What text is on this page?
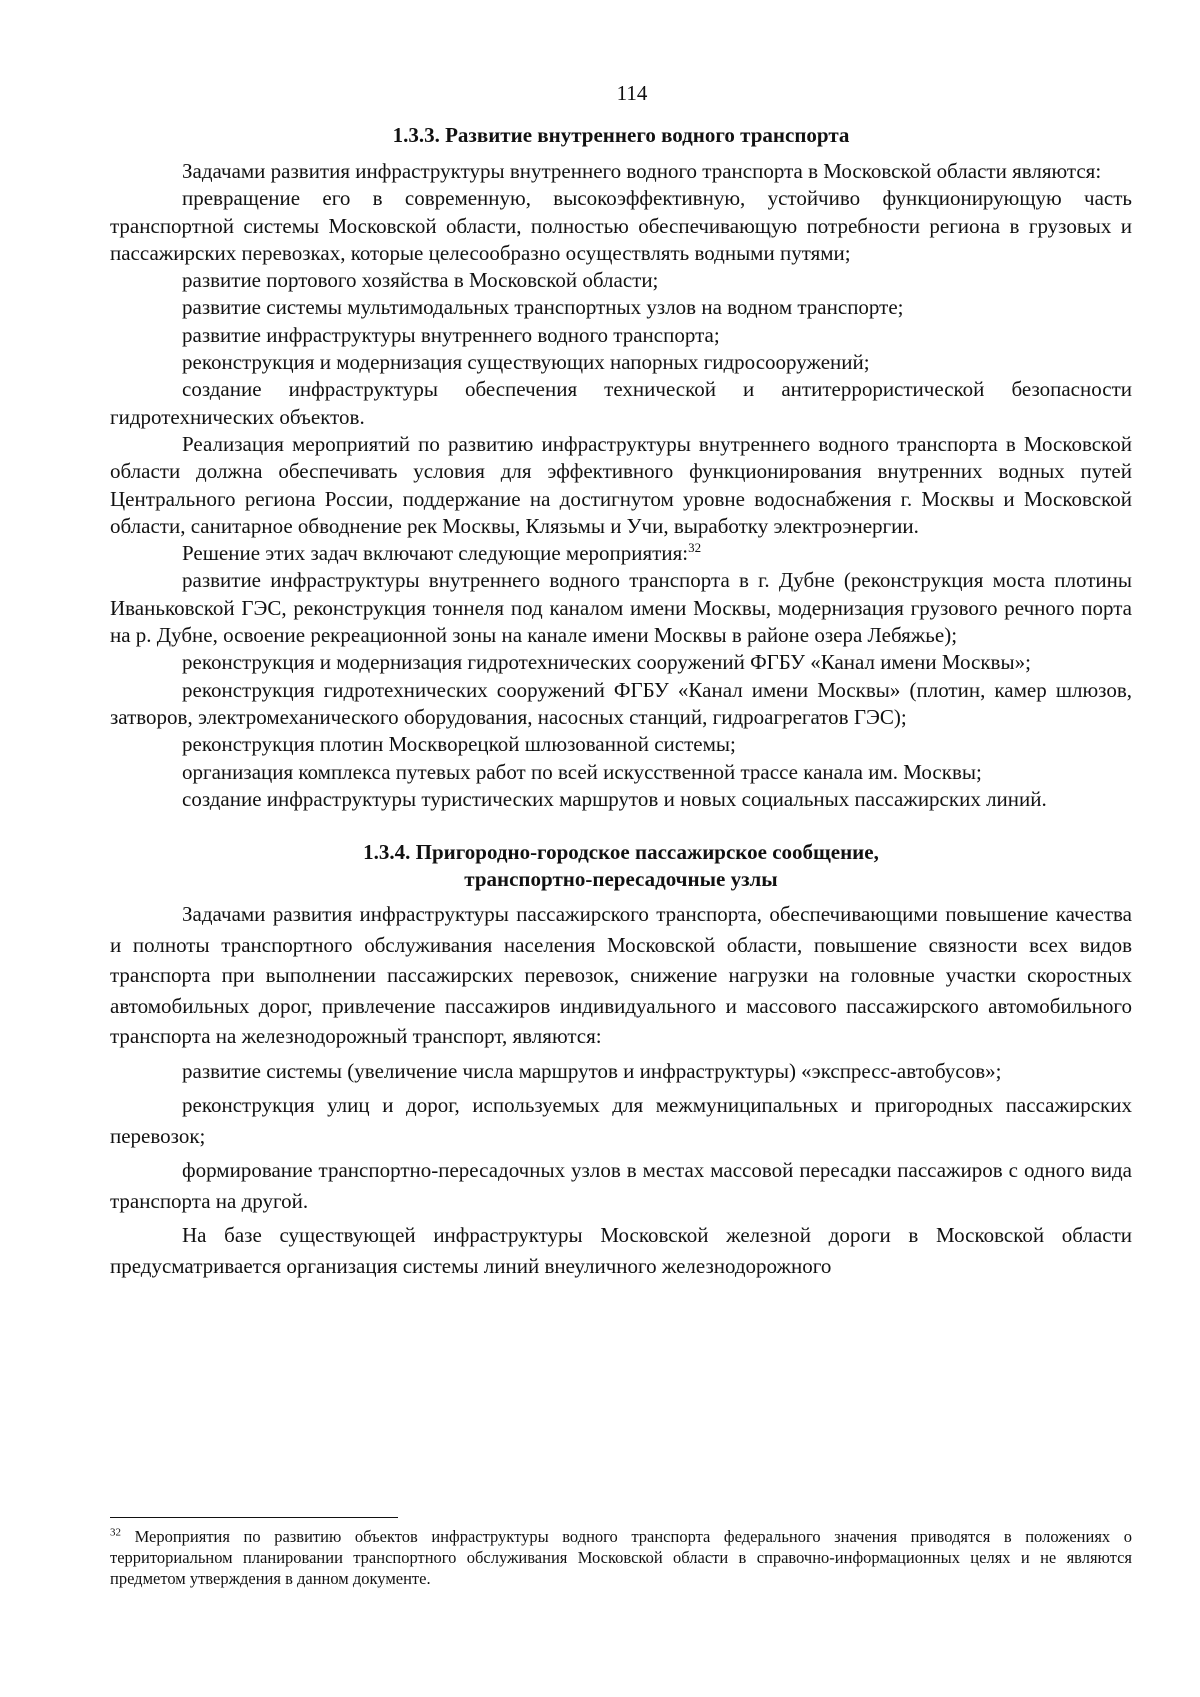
114
1.3.3. Развитие внутреннего водного транспорта

Задачами развития инфраструктуры внутреннего водного транспорта в Московской области являются:

превращение его в современную, высокоэффективную, устойчиво функционирующую часть транспортной системы Московской области, полностью обеспечивающую потребности региона в грузовых и пассажирских перевозках, которые целесообразно осуществлять водными путями;

развитие портового хозяйства в Московской области;

развитие системы мультимодальных транспортных узлов на водном транспорте;

развитие инфраструктуры внутреннего водного транспорта;

реконструкция и модернизация существующих напорных гидросооружений;

создание инфраструктуры обеспечения технической и антитеррористической безопасности гидротехнических объектов.

Реализация мероприятий по развитию инфраструктуры внутреннего водного транспорта в Московской области должна обеспечивать условия для эффективного функционирования внутренних водных путей Центрального региона России, поддержание на достигнутом уровне водоснабжения г. Москвы и Московской области, санитарное обводнение рек Москвы, Клязьмы и Учи, выработку электроэнергии.

Решение этих задач включают следующие мероприятия:$^{32}$

развитие инфраструктуры внутреннего водного транспорта в г. Дубне (реконструкция моста плотины Иваньковской ГЭС, реконструкция тоннеля под каналом имени Москвы, модернизация грузового речного порта на р. Дубне, освоение рекреационной зоны на канале имени Москвы в районе озера Лебяжье);

реконструкция и модернизация гидротехнических сооружений ФГБУ «Канал имени Москвы»;

реконструкция гидротехнических сооружений ФГБУ «Канал имени Москвы» (плотин, камер шлюзов, затворов, электромеханического оборудования, насосных станций, гидроагрегатов ГЭС);

реконструкция плотин Москворецкой шлюзованной системы;

организация комплекса путевых работ по всей искусственной трассе канала им. Москвы;

создание инфраструктуры туристических маршрутов и новых социальных пассажирских линий.

1.3.4. Пригородно-городское пассажирское сообщение,
транспортно-пересадочные узлы

Задачами развития инфраструктуры пассажирского транспорта, обеспечивающими повышение качества и полноты транспортного обслуживания населения Московской области, повышение связности всех видов транспорта при выполнении пассажирских перевозок, снижение нагрузки на головные участки скоростных автомобильных дорог, привлечение пассажиров индивидуального и массового пассажирского автомобильного транспорта на железнодорожный транспорт, являются:

развитие системы (увеличение числа маршрутов и инфраструктуры) «экспресс-автобусов»;

реконструкция улиц и дорог, используемых для межмуниципальных и пригородных пассажирских перевозок;

формирование транспортно-пересадочных узлов в местах массовой пересадки пассажиров с одного вида транспорта на другой.

На базе существующей инфраструктуры Московской железной дороги в Московской области предусматривается организация системы линий внеуличного железнодорожного

$^{32}$ Мероприятия по развитию объектов инфраструктуры водного транспорта федерального значения приводятся в положениях о территориальном планировании транспортного обслуживания Московской области в справочно-информационных целях и не являются предметом утверждения в данном документе.
